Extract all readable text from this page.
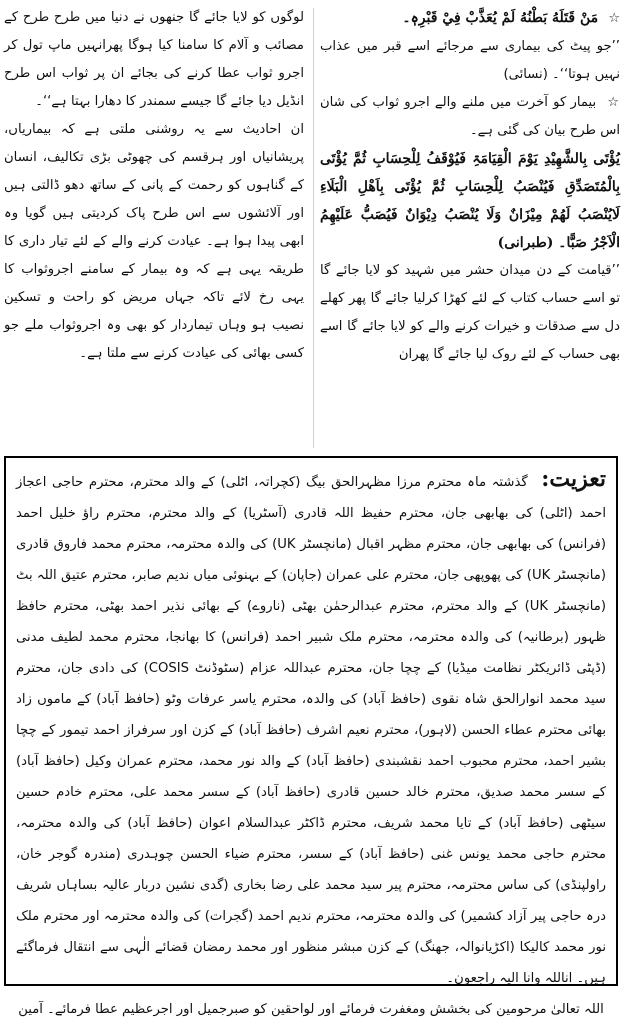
☆ مَنْ قَتَلَهُ بَطْنُهُ لَمْ يُعَذَّبْ فِيْ قَبْرِہٖ۔

’’جو پیٹ کی بیماری سے مرجائے اسے قبر میں عذاب نہیں ہوتا‘‘۔ (نسائی)

☆ بیمار کو آخرت میں ملنے والے اجرو ثواب کی شان اس طرح بیان کی گئی ہے۔

یُؤْتَی بِالشَّهِیْدِ یَوْمَ الْقِیَامَۃِ فَیُوْقَفُ لِلْحِسَابِ ثُمَّ یُؤْتَی بِالْمُتَصَدِّقِ فَیُنْصَبُ لِلْحِسَابِ ثُمَّ یُؤْتَی بِاَهْلِ الْبَلَاءِ لَایُنْصَبُ لَهُمْ مِیْزَانٌ وَلَا یُنْصَبُ دِیْوَانٌ فَیُصَبُّ عَلَیْهِمُ الْاَجْرُ صَبًّا۔ (طبرانی)

’’قیامت کے دن میدان حشر میں شہید کو لایا جائے گا تو اسے حساب کتاب کے لئے کھڑا کرلیا جائے گا پھر کھلے دل سے صدقات و خیرات کرنے والے کو لایا جائے گا اسے بھی حساب کے لئے روک لیا جائے گا پھران

لوگوں کو لایا جائے گا جنھوں نے دنیا میں طرح طرح کے مصائب و آلام کا سامنا کیا ہوگا پھرانہیں ماپ تول کر اجرو ثواب عطا کرنے کی بجائے ان پر ثواب اس طرح انڈیل دیا جائے گا جیسے سمندر کا دھارا بہتا ہے‘‘۔

ان احادیث سے یہ روشنی ملتی ہے کہ بیماریاں، پریشانیاں اور ہرقسم کی چھوٹی بڑی تکالیف، انسان کے گناہوں کو رحمت کے پانی کے ساتھ دھو ڈالتی ہیں اور آلائشوں سے اس طرح پاک کردیتی ہیں گویا وہ ابھی پیدا ہوا ہے۔ عیادت کرنے والے کے لئے تیار داری کا طریقہ یہی ہے کہ وہ بیمار کے سامنے اجروثواب کا یہی رخ لائے تاکہ جہاں مریض کو راحت و تسکین نصیب ہو وہاں تیماردار کو بھی وہ اجروثواب ملے جو کسی بھائی کی عیادت کرنے سے ملتا ہے۔

تعزیت: گذشتہ ماہ محترم مرزا مظہرالحق بیگ (کچراتہ، اٹلی) کے والد محترم، محترم حاجی اعجاز احمد (اٹلی) کی بھابھی جان، محترم حفیظ اللہ قادری (آسٹریا) کے والد محترم، محترم راؤ خلیل احمد (فرانس) کی بھابھی جان، محترم مظہر اقبال (مانچسٹر UK) کی والدہ محترمہ، محترم محمد فاروق قادری (مانچسٹر UK) کی پھوپھی جان، محترم علی عمران (جاپان) کے بہنوئی میاں ندیم صابر، محترم عتیق اللہ بٹ (مانچسٹر UK) کے والد محترم، محترم عبدالرحمٰن بھٹی (ناروے) کے بھائی نذیر احمد بھٹی، محترم حافظ ظہور (برطانیہ) کی والدہ محترمہ، محترم ملک شبیر احمد (فرانس) کا بھانجا، محترم محمد لطیف مدنی (ڈپٹی ڈائریکٹر نظامت میڈیا) کے چچا جان، محترم عبداللہ عزام (سٹوڈنٹ COSIS) کی دادی جان، محترم سید محمد انوارالحق شاہ نقوی (حافظ آباد) کی والدہ، محترم یاسر عرفات وٹو (حافظ آباد) کے ماموں زاد بھائی محترم عطاء الحسن (لاہور)، محترم نعیم اشرف (حافظ آباد) کے کزن اور سرفراز احمد تیمور کے چچا بشیر احمد، محترم محبوب احمد نقشبندی (حافظ آباد) کے والد نور محمد، محترم عمران وکیل (حافظ آباد) کے سسر محمد صدیق، محترم خالد حسین قادری (حافظ آباد) کے سسر محمد علی، محترم خادم حسین سیٹھی (حافظ آباد) کے تایا محمد شریف، محترم ڈاکٹر عبدالسلام اعوان (حافظ آباد) کی والدہ محترمہ، محترم حاجی محمد یونس غنی (حافظ آباد) کے سسر، محترم ضیاء الحسن چوہدری (مندرہ گوجر خان، راولپنڈی) کی ساس محترمہ، محترم پیر سید محمد علی رضا بخاری (گدی نشین دربار عالیہ بساہاں شریف درہ حاجی پیر آزاد کشمیر) کی والدہ محترمہ، محترم ندیم احمد (گجرات) کی والدہ محترمہ اور محترم ملک نور محمد کالیکا (اکڑیانوالہ، جھنگ) کے کزن مبشر منظور اور محمد رمضان قضائے الٰہی سے انتقال فرماگئے ہیں۔ اناللہ وانا الیہ راجعون۔
اللہ تعالیٰ مرحومین کی بخشش ومغفرت فرمائے اور لواحقین کو صبرجمیل اور اجرعظیم عطا فرمائے۔ آمین
